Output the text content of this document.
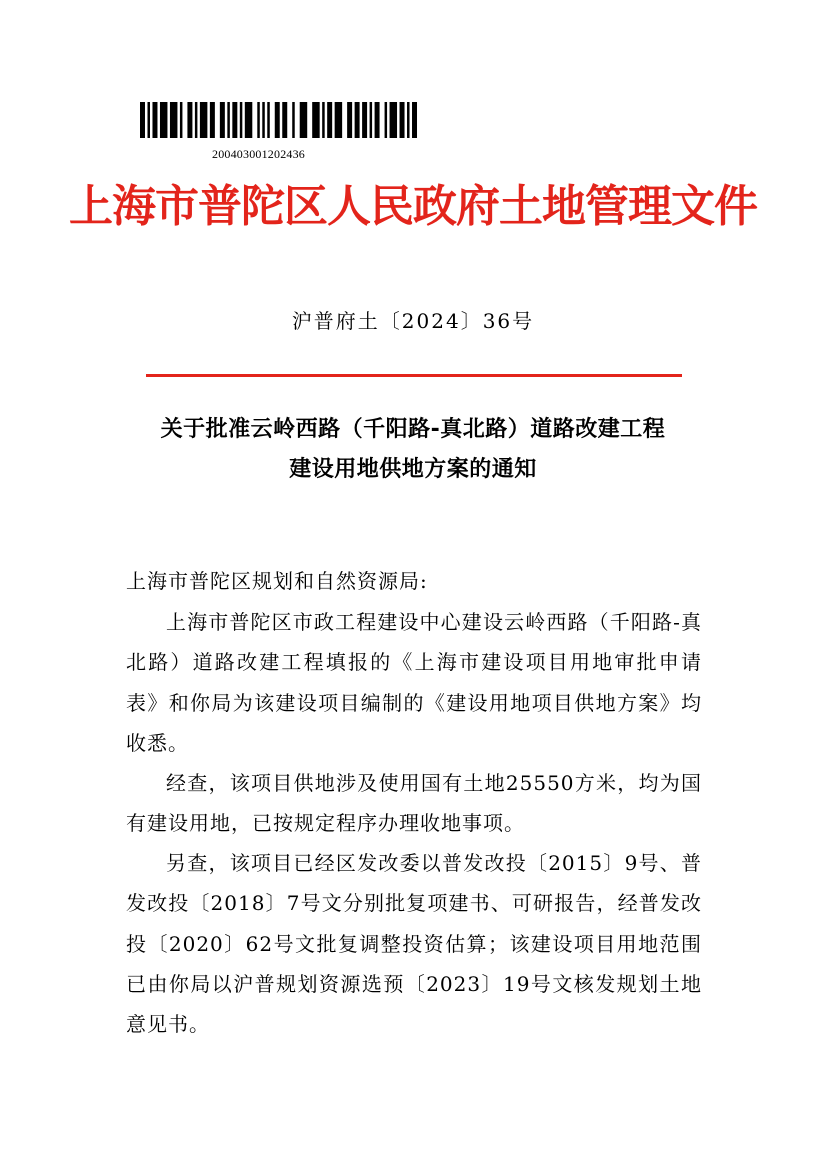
200403001202436
上海市普陀区人民政府土地管理文件
沪普府土〔2024〕36号
关于批准云岭西路（千阳路-真北路）道路改建工程
建设用地供地方案的通知
上海市普陀区规划和自然资源局:
上海市普陀区市政工程建设中心建设云岭西路（千阳路-真北路）道路改建工程填报的《上海市建设项目用地审批申请表》和你局为该建设项目编制的《建设用地项目供地方案》均收悉。
经查，该项目供地涉及使用国有土地25550方米，均为国有建设用地，已按规定程序办理收地事项。
另查，该项目已经区发改委以普发改投〔2015〕9号、普发改投〔2018〕7号文分别批复项建书、可研报告，经普发改投〔2020〕62号文批复调整投资估算；该建设项目用地范围已由你局以沪普规划资源选预〔2023〕19号文核发规划土地意见书。
